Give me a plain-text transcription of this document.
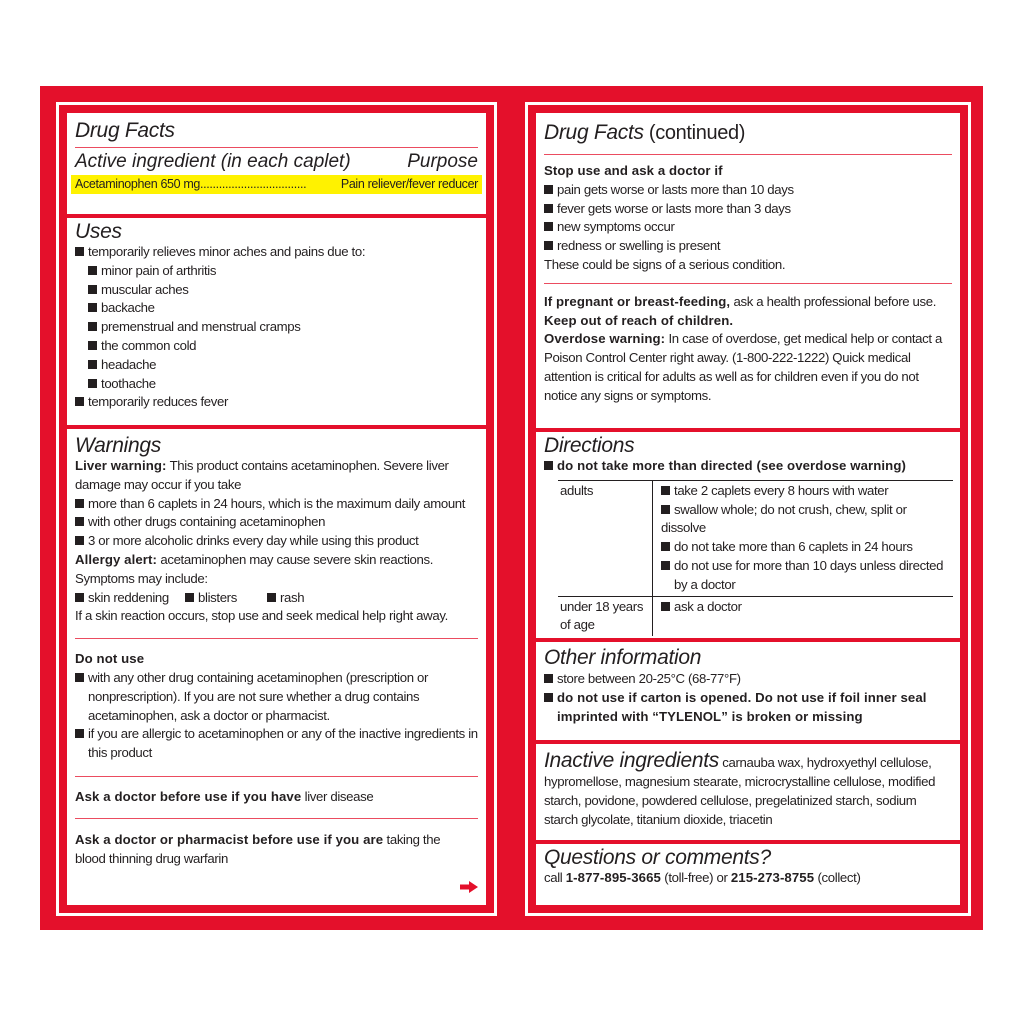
Drug Facts
Active ingredient (in each caplet)	Purpose
Acetaminophen 650 mg..................................	Pain reliever/fever reducer
Uses
temporarily relieves minor aches and pains due to:
minor pain of arthritis
muscular aches
backache
premenstrual and menstrual cramps
the common cold
headache
toothache
temporarily reduces fever
Warnings
Liver warning: This product contains acetaminophen. Severe liver damage may occur if you take
more than 6 caplets in 24 hours, which is the maximum daily amount
with other drugs containing acetaminophen
3 or more alcoholic drinks every day while using this product
Allergy alert: acetaminophen may cause severe skin reactions. Symptoms may include:
skin reddening	blisters	rash
If a skin reaction occurs, stop use and seek medical help right away.
Do not use
with any other drug containing acetaminophen (prescription or nonprescription). If you are not sure whether a drug contains acetaminophen, ask a doctor or pharmacist.
if you are allergic to acetaminophen or any of the inactive ingredients in this product
Ask a doctor before use if you have liver disease
Ask a doctor or pharmacist before use if you are taking the blood thinning drug warfarin
Drug Facts (continued)
Stop use and ask a doctor if
pain gets worse or lasts more than 10 days
fever gets worse or lasts more than 3 days
new symptoms occur
redness or swelling is present
These could be signs of a serious condition.
If pregnant or breast-feeding, ask a health professional before use.
Keep out of reach of children.
Overdose warning: In case of overdose, get medical help or contact a Poison Control Center right away. (1-800-222-1222) Quick medical attention is critical for adults as well as for children even if you do not notice any signs or symptoms.
Directions
do not take more than directed (see overdose warning)
adults	take 2 caplets every 8 hours with water
swallow whole; do not crush, chew, split or dissolve
do not take more than 6 caplets in 24 hours
do not use for more than 10 days unless directed by a doctor

under 18 years of age	ask a doctor
Other information
store between 20-25°C (68-77°F)
do not use if carton is opened. Do not use if foil inner seal imprinted with “TYLENOL” is broken or missing
Inactive ingredients carnauba wax, hydroxyethyl cellulose, hypromellose, magnesium stearate, microcrystalline cellulose, modified starch, povidone, powdered cellulose, pregelatinized starch, sodium starch glycolate, titanium dioxide, triacetin
Questions or comments?
call 1-877-895-3665 (toll-free) or 215-273-8755 (collect)
